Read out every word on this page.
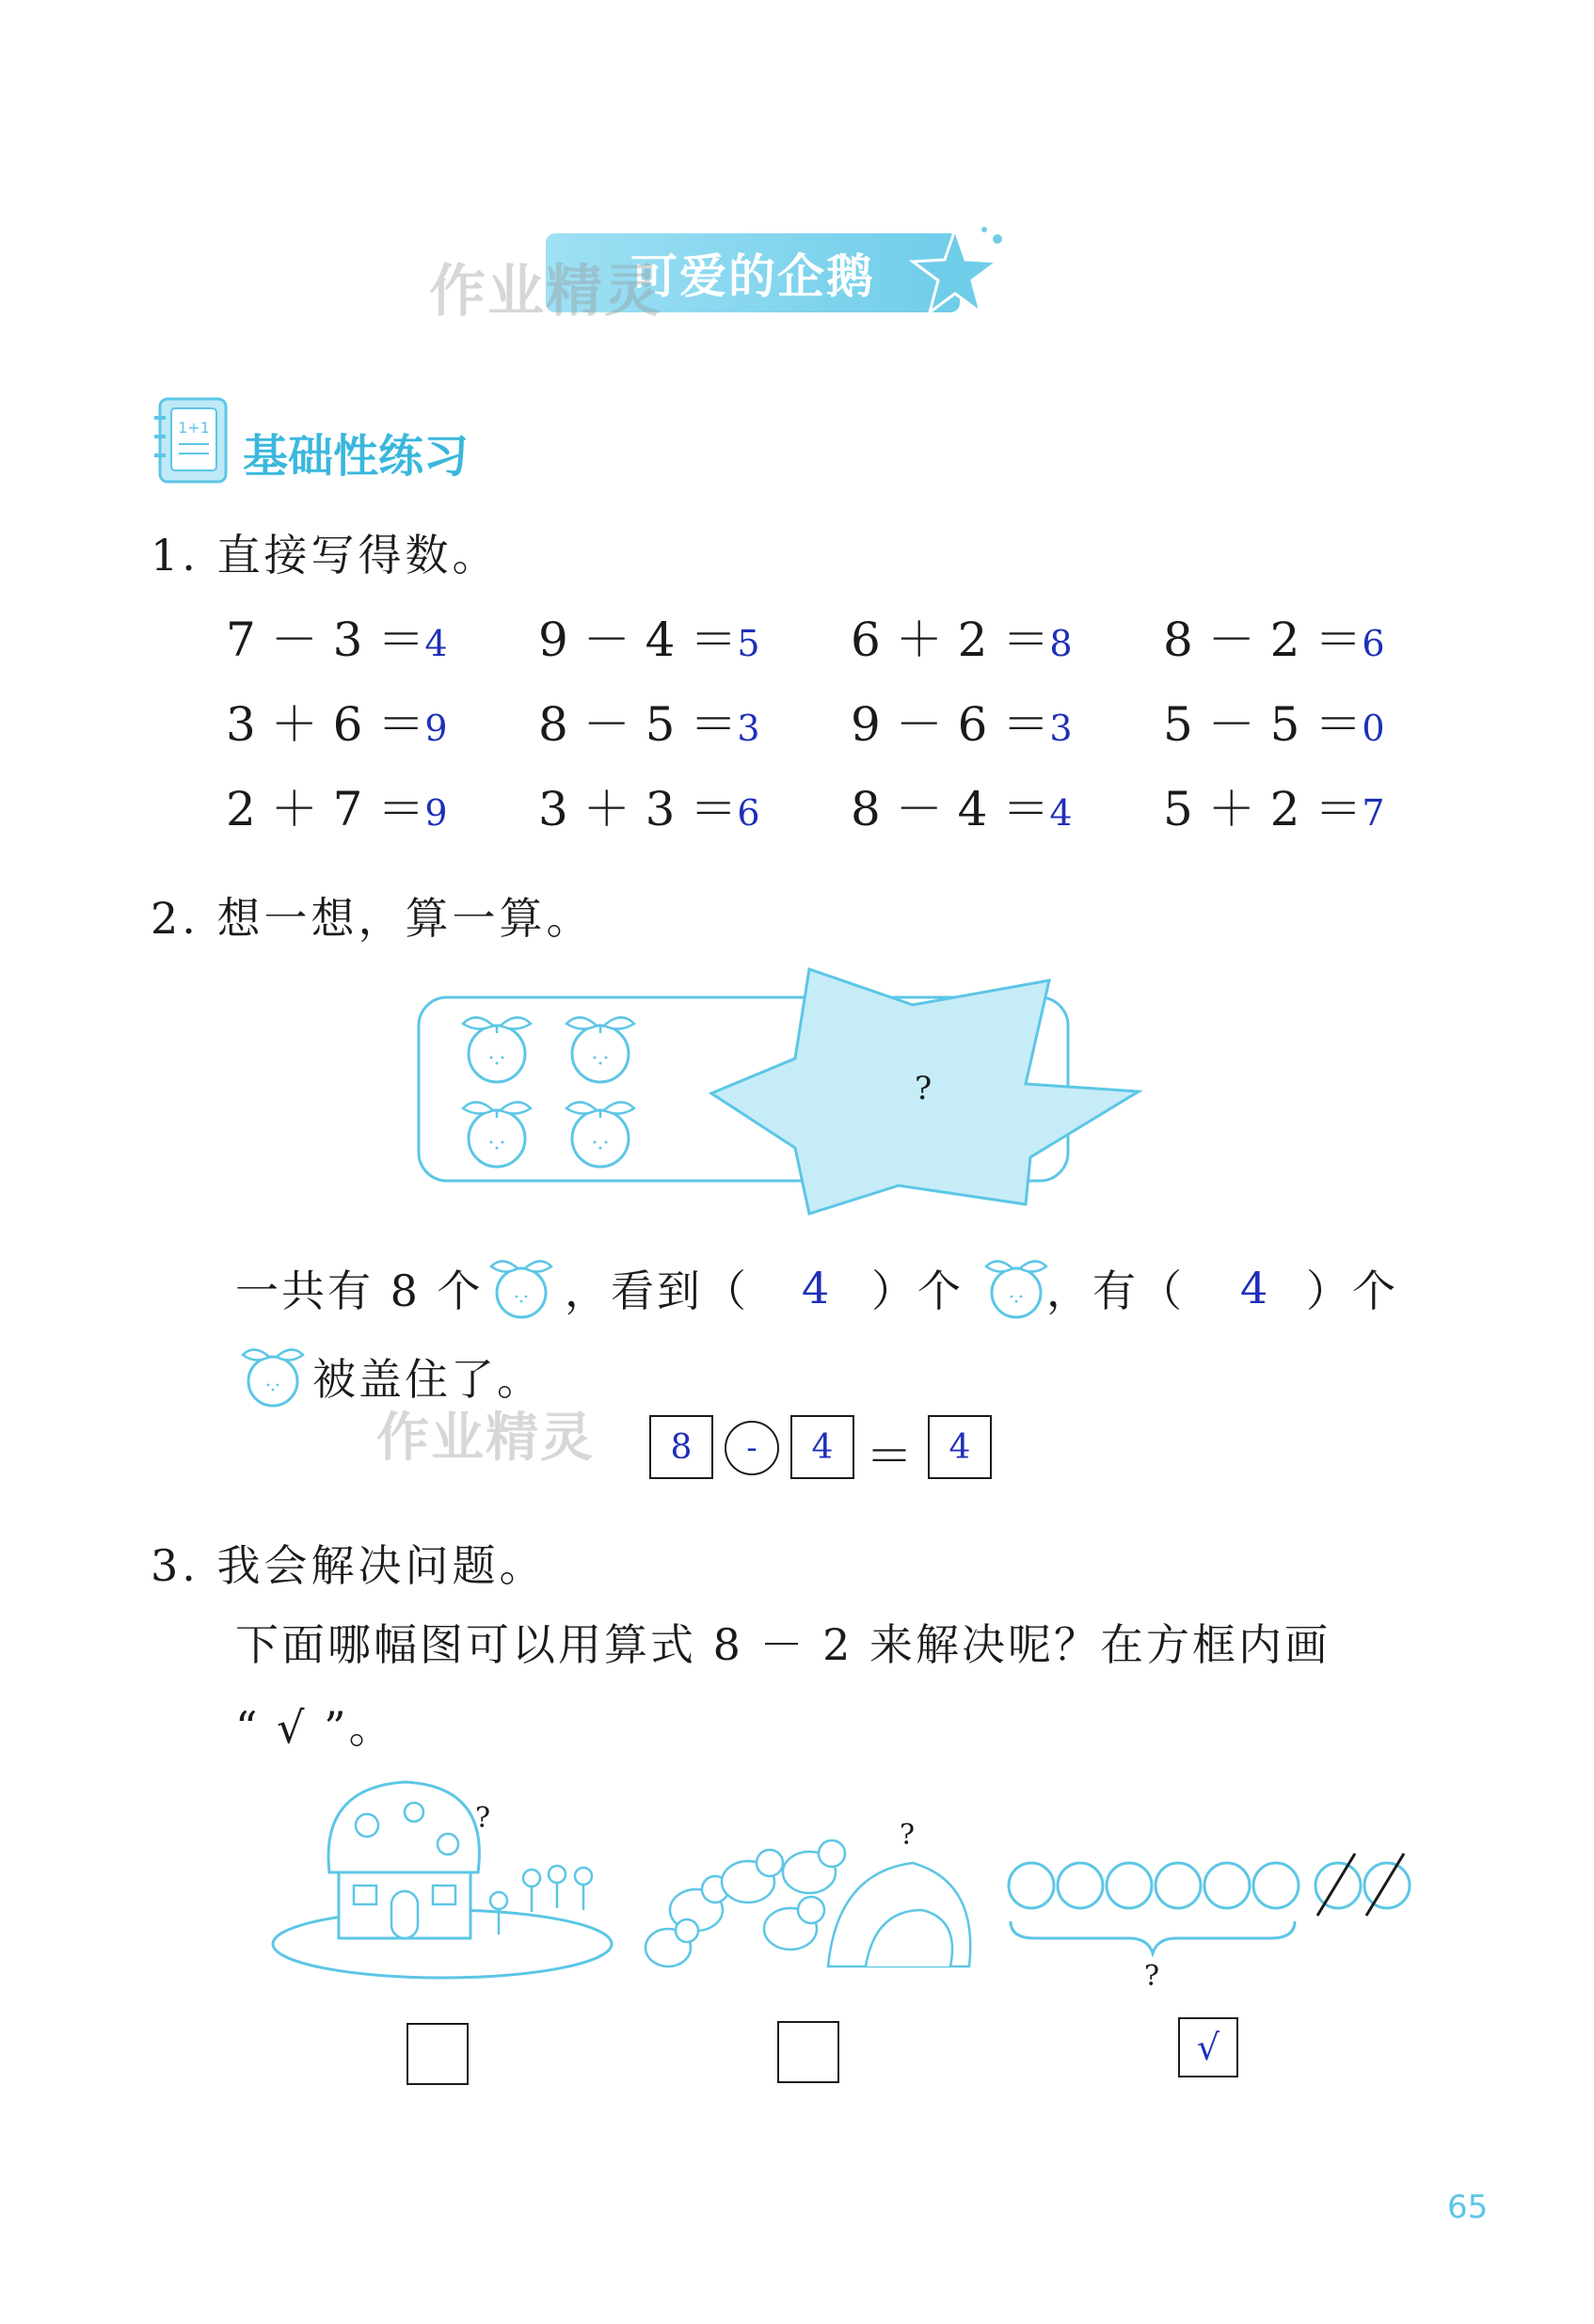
可爱的企鹅
作业精灵
1+1
基础性练习
1. 直接写得数。
7 － 3 ＝4 9 － 4 ＝5 6 ＋ 2 ＝8 8 － 2 ＝6
3 ＋ 6 ＝9 8 － 5 ＝3 9 － 6 ＝3 5 － 5 ＝0
2 ＋ 7 ＝9 3 ＋ 3 ＝6 8 － 4 ＝4 5 ＋ 2 ＝7
2. 想一想，算一算。
?
一共有 8 个 ，看到（ 4 ）个 ，有（ 4 ）个
被盖住了。
作业精灵	8	-	4 ＝	4
3. 我会解决问题。
下面哪幅图可以用算式 8 － 2 来解决呢？在方框内画
“ √ ”。
?
?
?
√
65
